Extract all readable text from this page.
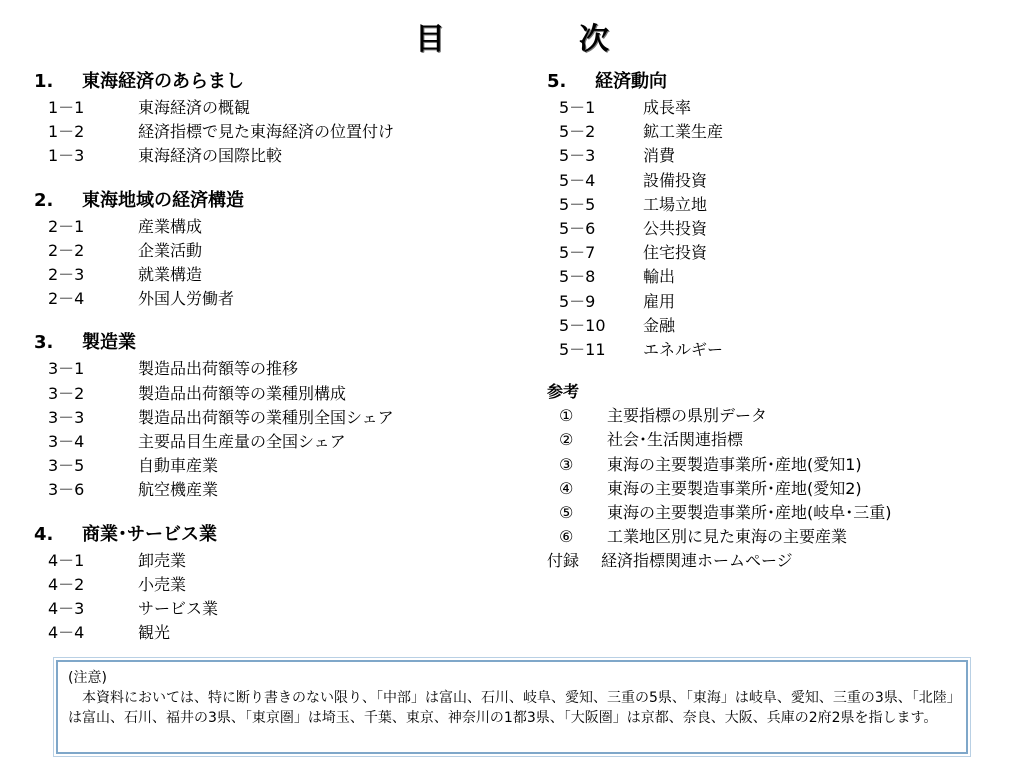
目　次
1. 東海経済のあらまし
1－1	東海経済の概観
1－2	経済指標で見た東海経済の位置付け
1－3	東海経済の国際比較
2. 東海地域の経済構造
2－1	産業構成
2－2	企業活動
2－3	就業構造
2－4	外国人労働者
3. 製造業
3－1	製造品出荷額等の推移
3－2	製造品出荷額等の業種別構成
3－3	製造品出荷額等の業種別全国シェア
3－4	主要品目生産量の全国シェア
3－5	自動車産業
3－6	航空機産業
4. 商業･サービス業
4－1	卸売業
4－2	小売業
4－3	サービス業
4－4	観光
5. 経済動向
5－1	成長率
5－2	鉱工業生産
5－3	消費
5－4	設備投資
5－5	工場立地
5－6	公共投資
5－7	住宅投資
5－8	輸出
5－9	雇用
5－10 金融
5－11 エネルギー
参考
① 主要指標の県別データ
② 社会･生活関連指標
③ 東海の主要製造事業所･産地(愛知1)
④ 東海の主要製造事業所･産地(愛知2)
⑤ 東海の主要製造事業所･産地(岐阜･三重)
⑥ 工業地区別に見た東海の主要産業
付録 経済指標関連ホームページ

(注意)

本資料においては、特に断り書きのない限り、「中部」は富山、石川、岐阜、愛知、三重の5県、「東海」は岐阜、愛知、三重の3県、「北陸」は富山、石川、福井の3県、「東京圏」は埼玉、千葉、東京、神奈川の1都3県、「大阪圏」は京都、奈良、大阪、兵庫の2府2県を指します。
